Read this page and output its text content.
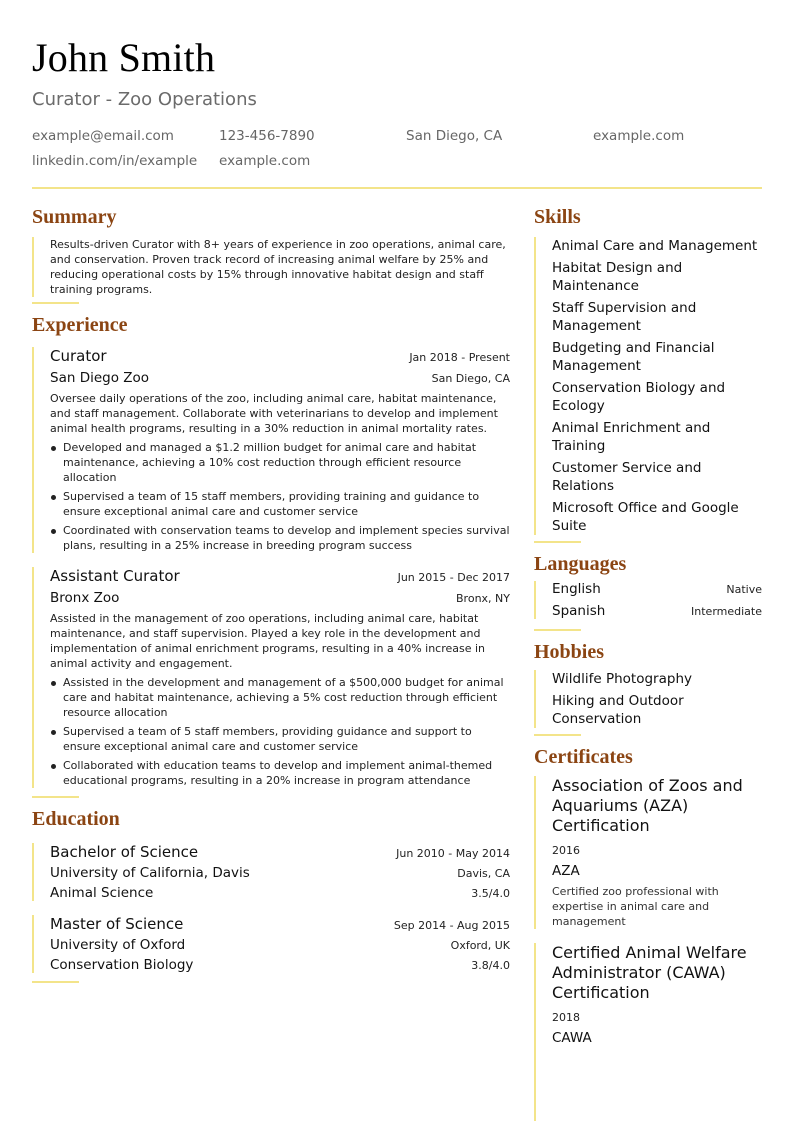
John Smith
Curator - Zoo Operations
example@email.com	123-456-7890	San Diego, CA	example.com
linkedin.com/in/example	example.com
Summary
Results-driven Curator with 8+ years of experience in zoo operations, animal care, and conservation. Proven track record of increasing animal welfare by 25% and reducing operational costs by 15% through innovative habitat design and staff training programs.
Experience
Curator	Jan 2018 - Present
San Diego Zoo	San Diego, CA
Oversee daily operations of the zoo, including animal care, habitat maintenance, and staff management. Collaborate with veterinarians to develop and implement animal health programs, resulting in a 30% reduction in animal mortality rates.
Developed and managed a $1.2 million budget for animal care and habitat maintenance, achieving a 10% cost reduction through efficient resource allocation
Supervised a team of 15 staff members, providing training and guidance to ensure exceptional animal care and customer service
Coordinated with conservation teams to develop and implement species survival plans, resulting in a 25% increase in breeding program success
Assistant Curator	Jun 2015 - Dec 2017
Bronx Zoo	Bronx, NY
Assisted in the management of zoo operations, including animal care, habitat maintenance, and staff supervision. Played a key role in the development and implementation of animal enrichment programs, resulting in a 40% increase in animal activity and engagement.
Assisted in the development and management of a $500,000 budget for animal care and habitat maintenance, achieving a 5% cost reduction through efficient resource allocation
Supervised a team of 5 staff members, providing guidance and support to ensure exceptional animal care and customer service
Collaborated with education teams to develop and implement animal-themed educational programs, resulting in a 20% increase in program attendance
Education
Bachelor of Science	Jun 2010 - May 2014
University of California, Davis	Davis, CA
Animal Science	3.5/4.0
Master of Science	Sep 2014 - Aug 2015
University of Oxford	Oxford, UK
Conservation Biology	3.8/4.0
Skills
Animal Care and Management
Habitat Design and Maintenance
Staff Supervision and Management
Budgeting and Financial Management
Conservation Biology and Ecology
Animal Enrichment and Training
Customer Service and Relations
Microsoft Office and Google Suite
Languages
English	Native
Spanish	Intermediate
Hobbies
Wildlife Photography
Hiking and Outdoor Conservation
Certificates
Association of Zoos and Aquariums (AZA) Certification
2016
AZA
Certified zoo professional with expertise in animal care and management
Certified Animal Welfare Administrator (CAWA) Certification
2018
CAWA
